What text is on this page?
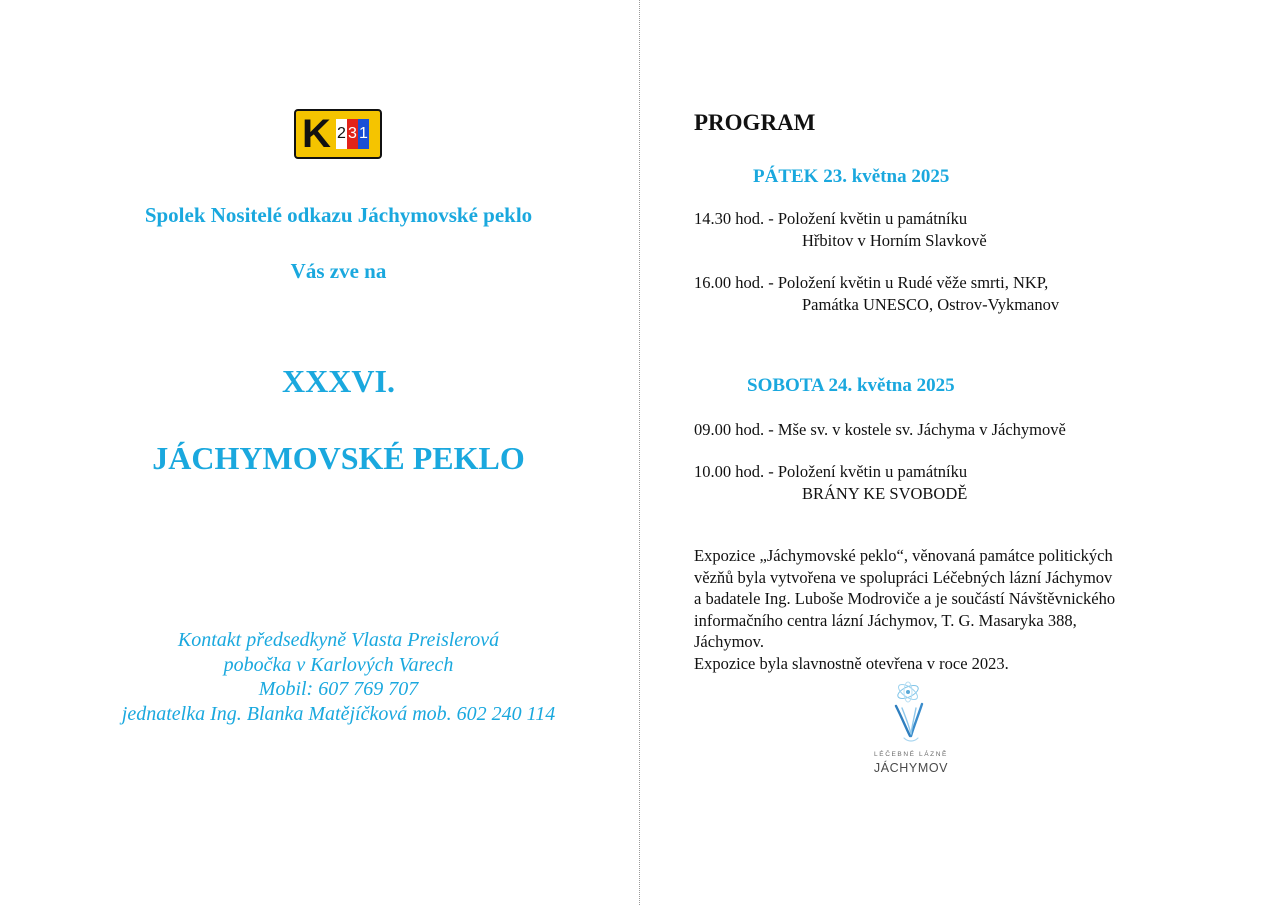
K 2 3 1
Spolek Nositelé odkazu Jáchymovské peklo
Vás zve na
XXXVI.
JÁCHYMOVSKÉ PEKLO
Kontakt předsedkyně Vlasta Preislerová
pobočka v Karlových Varech
Mobil: 607 769 707
jednatelka Ing. Blanka Matějíčková mob. 602 240 114
PROGRAM
PÁTEK 23. května 2025
14.30 hod. - Položení květin u památníku
Hřbitov v Horním Slavkově
16.00 hod. - Položení květin u Rudé věže smrti, NKP,
Památka UNESCO, Ostrov-Vykmanov
SOBOTA 24. května 2025
09.00 hod. - Mše sv. v kostele sv. Jáchyma v Jáchymově
10.00 hod. - Položení květin u památníku
BRÁNY KE SVOBODĚ
Expozice „Jáchymovské peklo“, věnovaná památce politických
vězňů byla vytvořena ve spolupráci Léčebných lázní Jáchymov
a badatele Ing. Luboše Modroviče a je součástí Návštěvnického
informačního centra lázní Jáchymov, T. G. Masaryka 388,
Jáchymov.
Expozice byla slavnostně otevřena v roce 2023.
LÉČEBNÉ LÁZNĚ
JÁCHYMOV
